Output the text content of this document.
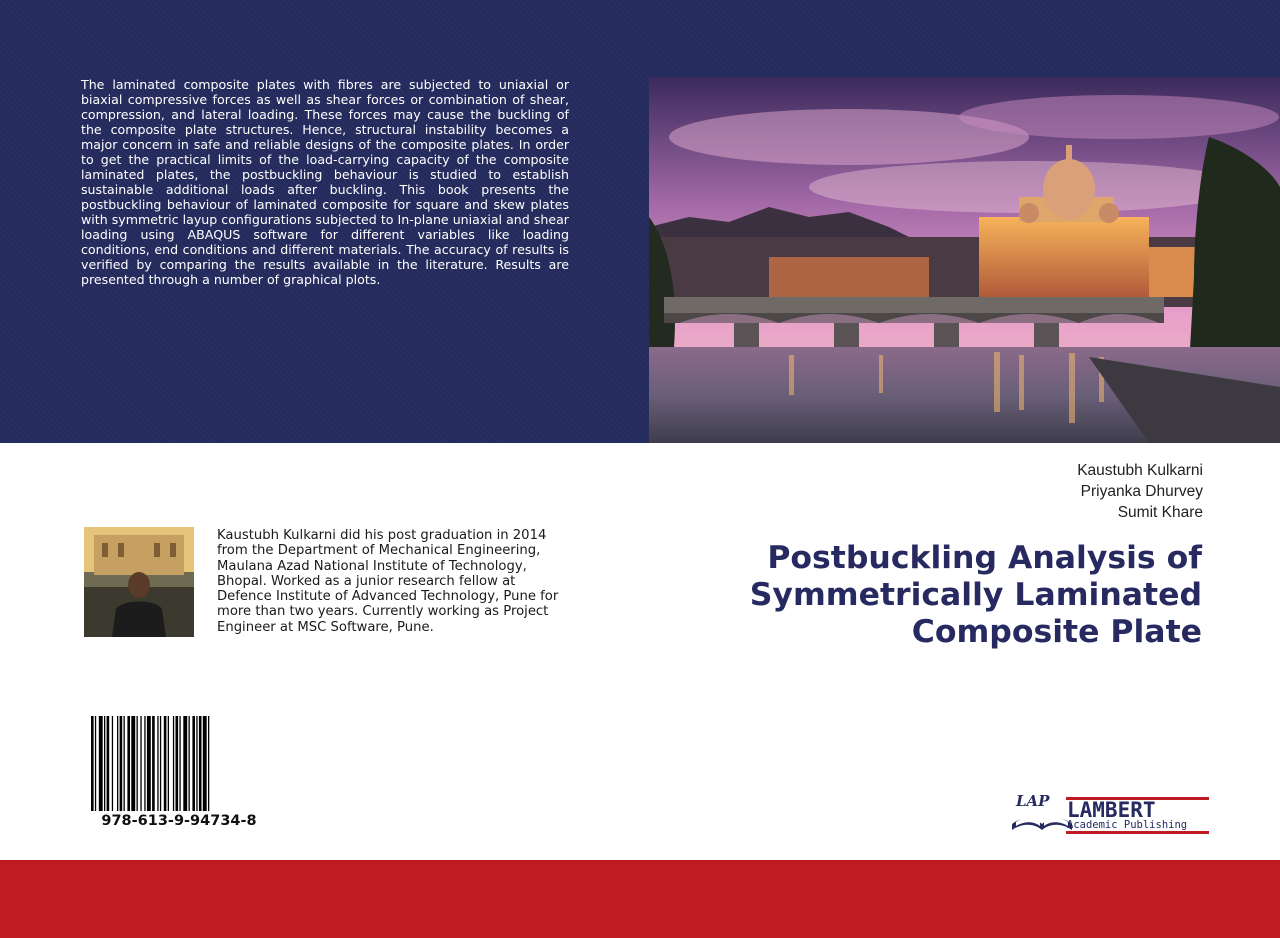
The laminated composite plates with fibres are subjected to uniaxial or biaxial compressive forces as well as shear forces or combination of shear, compression, and lateral loading. These forces may cause the buckling of the composite plate structures. Hence, structural instability becomes a major concern in safe and reliable designs of the composite plates. In order to get the practical limits of the load-carrying capacity of the composite laminated plates, the postbuckling behaviour is studied to establish sustainable additional loads after buckling. This book presents the postbuckling behaviour of laminated composite for square and skew plates with symmetric layup configurations subjected to In-plane uniaxial and shear loading using ABAQUS software for different variables like loading conditions, end conditions and different materials. The accuracy of results is verified by comparing the results available in the literature. Results are presented through a number of graphical plots.
Kaustubh Kulkarni
Priyanka Dhurvey
Sumit Khare
Kaustubh Kulkarni did his post graduation in 2014 from the Department of Mechanical Engineering, Maulana Azad National Institute of Technology, Bhopal. Worked as a junior research fellow at Defence Institute of Advanced Technology, Pune for more than two years. Currently working as Project Engineer at MSC Software, Pune.
Postbuckling Analysis of
Symmetrically Laminated
Composite Plate
978-613-9-94734-8
LAP LAMBERT
Academic Publishing
